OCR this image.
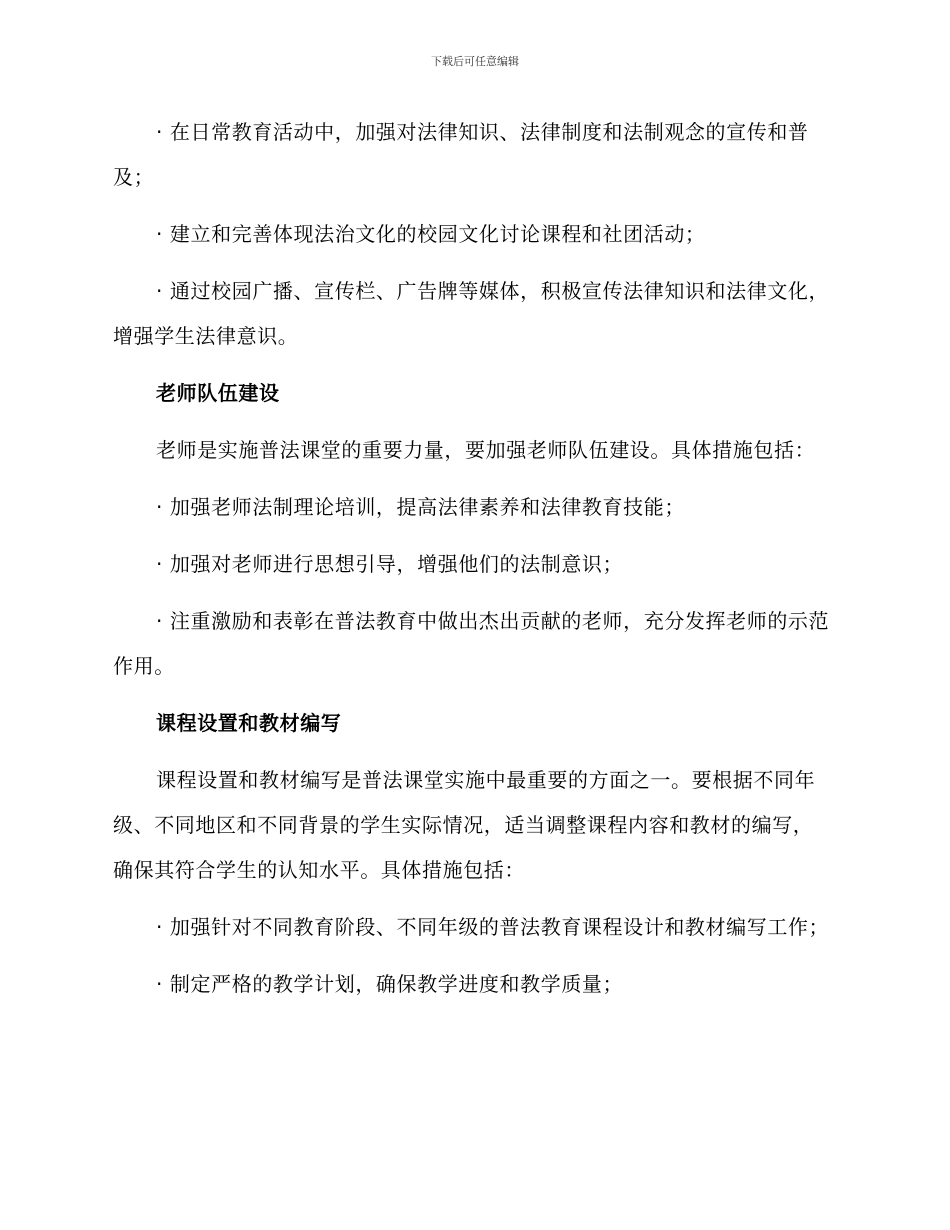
下载后可任意编辑

· 在日常教育活动中，加强对法律知识、法律制度和法制观念的宣传和普及；

· 建立和完善体现法治文化的校园文化讨论课程和社团活动；

· 通过校园广播、宣传栏、广告牌等媒体，积极宣传法律知识和法律文化，增强学生法律意识。

老师队伍建设

老师是实施普法课堂的重要力量，要加强老师队伍建设。具体措施包括：

· 加强老师法制理论培训，提高法律素养和法律教育技能；

· 加强对老师进行思想引导，增强他们的法制意识；

· 注重激励和表彰在普法教育中做出杰出贡献的老师，充分发挥老师的示范作用。

课程设置和教材编写

课程设置和教材编写是普法课堂实施中最重要的方面之一。要根据不同年级、不同地区和不同背景的学生实际情况，适当调整课程内容和教材的编写，确保其符合学生的认知水平。具体措施包括：

· 加强针对不同教育阶段、不同年级的普法教育课程设计和教材编写工作；

· 制定严格的教学计划，确保教学进度和教学质量；
